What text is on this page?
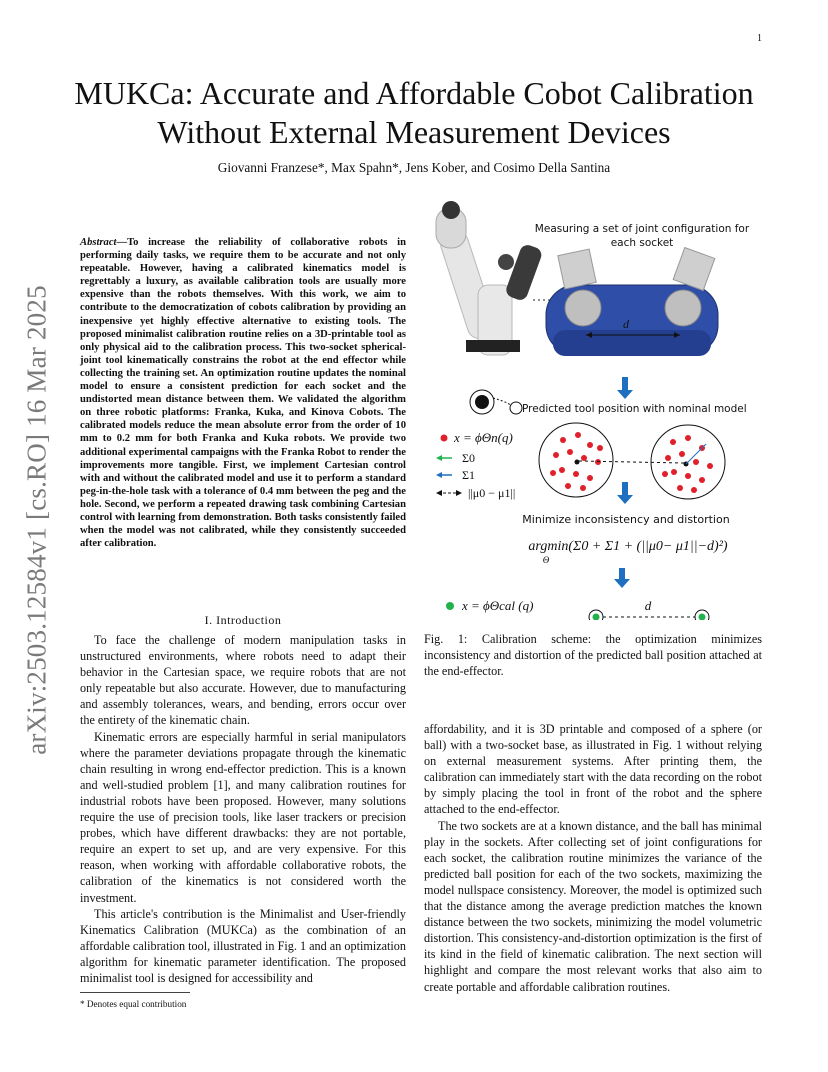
1
arXiv:2503.12584v1 [cs.RO] 16 Mar 2025
MUKCa: Accurate and Affordable Cobot Calibration Without External Measurement Devices
Giovanni Franzese*, Max Spahn*, Jens Kober, and Cosimo Della Santina
Abstract—To increase the reliability of collaborative robots in performing daily tasks, we require them to be accurate and not only repeatable. However, having a calibrated kinematics model is regrettably a luxury, as available calibration tools are usually more expensive than the robots themselves. With this work, we aim to contribute to the democratization of cobots calibration by providing an inexpensive yet highly effective alternative to existing tools. The proposed minimalist calibration routine relies on a 3D-printable tool as only physical aid to the calibration process. This two-socket spherical-joint tool kinematically constrains the robot at the end effector while collecting the training set. An optimization routine updates the nominal model to ensure a consistent prediction for each socket and the undistorted mean distance between them. We validated the algorithm on three robotic platforms: Franka, Kuka, and Kinova Cobots. The calibrated models reduce the mean absolute error from the order of 10 mm to 0.2 mm for both Franka and Kuka robots. We provide two additional experimental campaigns with the Franka Robot to render the improvements more tangible. First, we implement Cartesian control with and without the calibrated model and use it to perform a standard peg-in-the-hole task with a tolerance of 0.4 mm between the peg and the hole. Second, we perform a repeated drawing task combining Cartesian control with learning from demonstration. Both tasks consistently failed when the model was not calibrated, while they consistently succeeded after calibration.
I. Introduction

To face the challenge of modern manipulation tasks in unstructured environments, where robots need to adapt their behavior in the Cartesian space, we require robots that are not only repeatable but also accurate. However, due to manufacturing and assembly tolerances, wears, and bending, errors occur over the entirety of the kinematic chain.

Kinematic errors are especially harmful in serial manipulators where the parameter deviations propagate through the kinematic chain resulting in wrong end-effector prediction. This is a known and well-studied problem [1], and many calibration routines for industrial robots have been proposed. However, many solutions require the use of precision tools, like laser trackers or precision probes, which have different drawbacks: they are not portable, require an expert to set up, and are very expensive. For this reason, when working with affordable collaborative robots, the calibration of the kinematics is not considered worth the investment.

This article's contribution is the Minimalist and User-friendly Kinematics Calibration (MUKCa) as the combination of an affordable calibration tool, illustrated in Fig. 1 and an optimization algorithm for kinematic parameter identification. The proposed minimalist tool is designed for accessibility and

* Denotes equal contribution
d
Measuring a set of joint configuration for each socket
Predicted tool position with nominal model
x = ϕΘn(q)
Σ0
Σ1
||μ0 − μ1||
Minimize inconsistency and distortion
argmin(Σ0 + Σ1 + (||μ0− μ1||−d)²)
Θ
x = ϕΘcal (q)	d
Fig. 1: Calibration scheme: the optimization minimizes inconsistency and distortion of the predicted ball position attached at the end-effector.

affordability, and it is 3D printable and composed of a sphere (or ball) with a two-socket base, as illustrated in Fig. 1 without relying on external measurement systems. After printing them, the calibration can immediately start with the data recording on the robot by simply placing the tool in front of the robot and the sphere attached to the end-effector.

The two sockets are at a known distance, and the ball has minimal play in the sockets. After collecting set of joint configurations for each socket, the calibration routine minimizes the variance of the predicted ball position for each of the two sockets, maximizing the model nullspace consistency. Moreover, the model is optimized such that the distance among the average prediction matches the known distance between the two sockets, minimizing the model volumetric distortion. This consistency-and-distortion optimization is the first of its kind in the field of kinematic calibration. The next section will highlight and compare the most relevant works that also aim to create portable and affordable calibration routines.
